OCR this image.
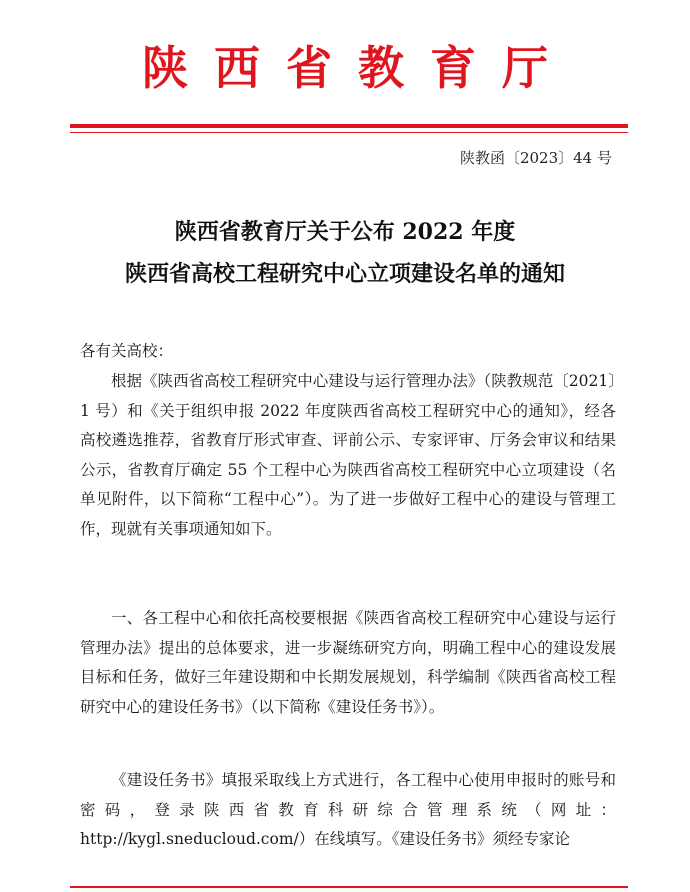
陕西省教育厅
陕教函〔2023〕44 号
陕西省教育厅关于公布 2022 年度
陕西省高校工程研究中心立项建设名单的通知
各有关高校：

根据《陕西省高校工程研究中心建设与运行管理办法》（陕教规范〔2021〕1 号）和《关于组织申报 2022 年度陕西省高校工程研究中心的通知》，经各高校遴选推荐，省教育厅形式审查、评前公示、专家评审、厅务会审议和结果公示，省教育厅确定 55 个工程中心为陕西省高校工程研究中心立项建设（名单见附件，以下简称“工程中心”）。为了进一步做好工程中心的建设与管理工作，现就有关事项通知如下。

一、各工程中心和依托高校要根据《陕西省高校工程研究中心建设与运行管理办法》提出的总体要求，进一步凝练研究方向，明确工程中心的建设发展目标和任务，做好三年建设期和中长期发展规划，科学编制《陕西省高校工程研究中心的建设任务书》（以下简称《建设任务书》）。

《建设任务书》填报采取线上方式进行，各工程中心使用申报时的账号和密码，登录陕西省教育科研综合管理系统（网址：http://kygl.sneducloud.com/）在线填写。《建设任务书》须经专家论
